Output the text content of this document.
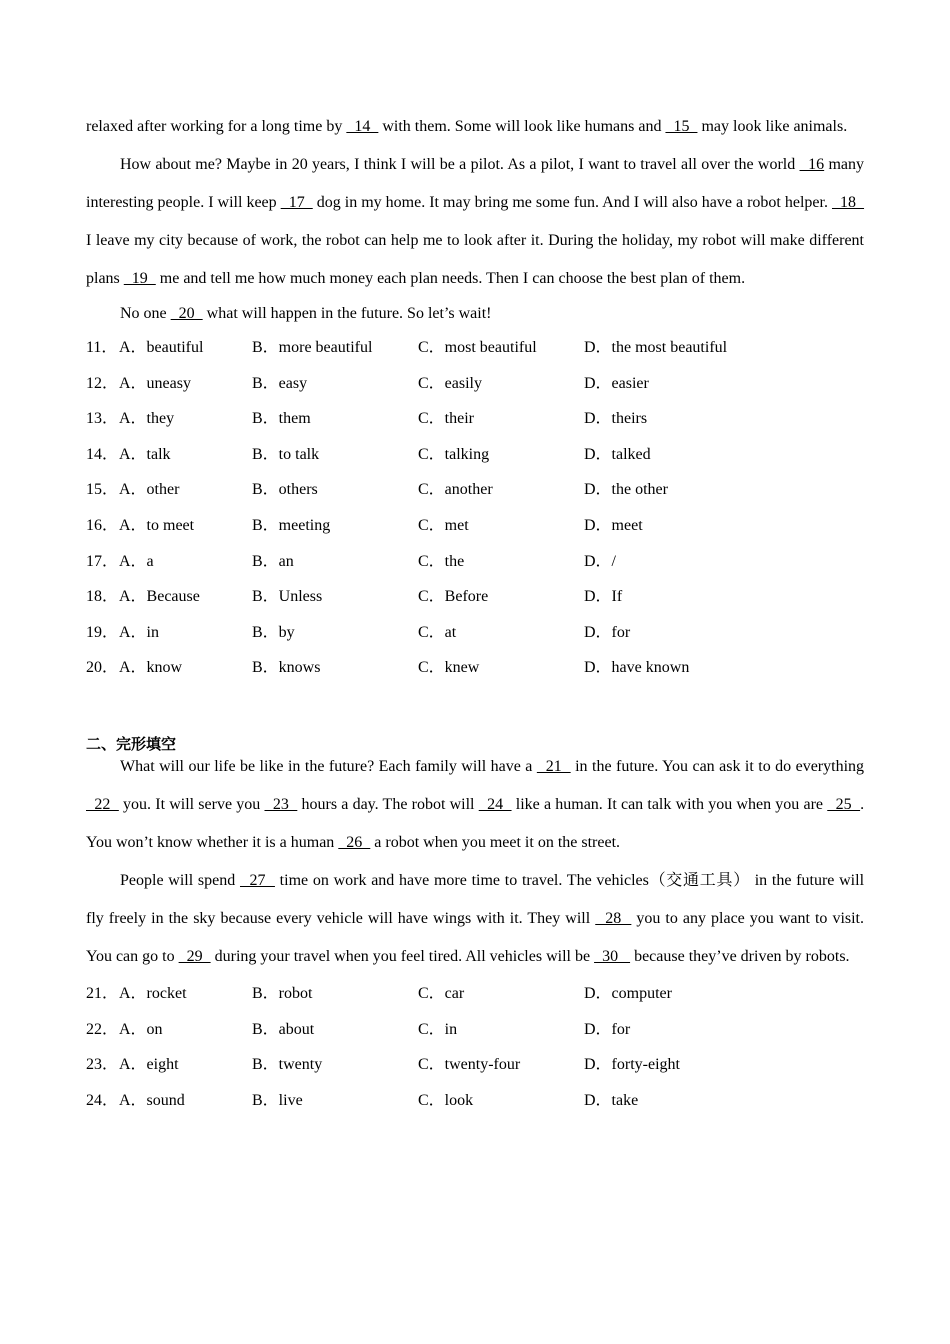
relaxed after working for a long time by   14   with them. Some will look like humans and   15   may look like animals.

How about me? Maybe in 20 years, I think I will be a pilot. As a pilot, I want to travel all over the world   16 many interesting people. I will keep   17   dog in my home. It may bring me some fun. And I will also have a robot helper.   18   I leave my city because of work, the robot can help me to look after it. During the holiday, my robot will make different plans   19   me and tell me how much money each plan needs. Then I can choose the best plan of them.

No one   20   what will happen in the future. So let’s wait!

11． A．beautiful	B．more beautiful	C．most beautiful	D．the most beautiful
12． A．uneasy	B．easy	C．easily	D．easier
13． A．they	B．them	C．their	D．theirs
14． A．talk	B．to talk	C．talking	D．talked
15． A．other	B．others	C．another	D．the other
16． A．to meet	B．meeting	C．met	D．meet
17． A．a	B．an	C．the	D．/
18． A．Because	B．Unless	C．Before	D．If
19． A．in	B．by	C．at	D．for
20． A．know	B．knows	C．knew	D．have known
二、完形填空

What will our life be like in the future? Each family will have a   21   in the future. You can ask it to do everything   22   you. It will serve you   23   hours a day. The robot will   24   like a human. It can talk with you when you are   25  . You won’t know whether it is a human   26   a robot when you meet it on the street.

People will spend   27   time on work and have more time to travel. The vehicles（交通工具） in the future will fly freely in the sky because every vehicle will have wings with it. They will   28   you to any place you want to visit. You can go to   29   during your travel when you feel tired. All vehicles will be   30    because they’ve driven by robots.

21． A．rocket	B．robot	C．car	D．computer
22． A．on	B．about	C．in	D．for
23． A．eight	B．twenty	C．twenty-four	D．forty-eight
24． A．sound	B．live	C．look	D．take
